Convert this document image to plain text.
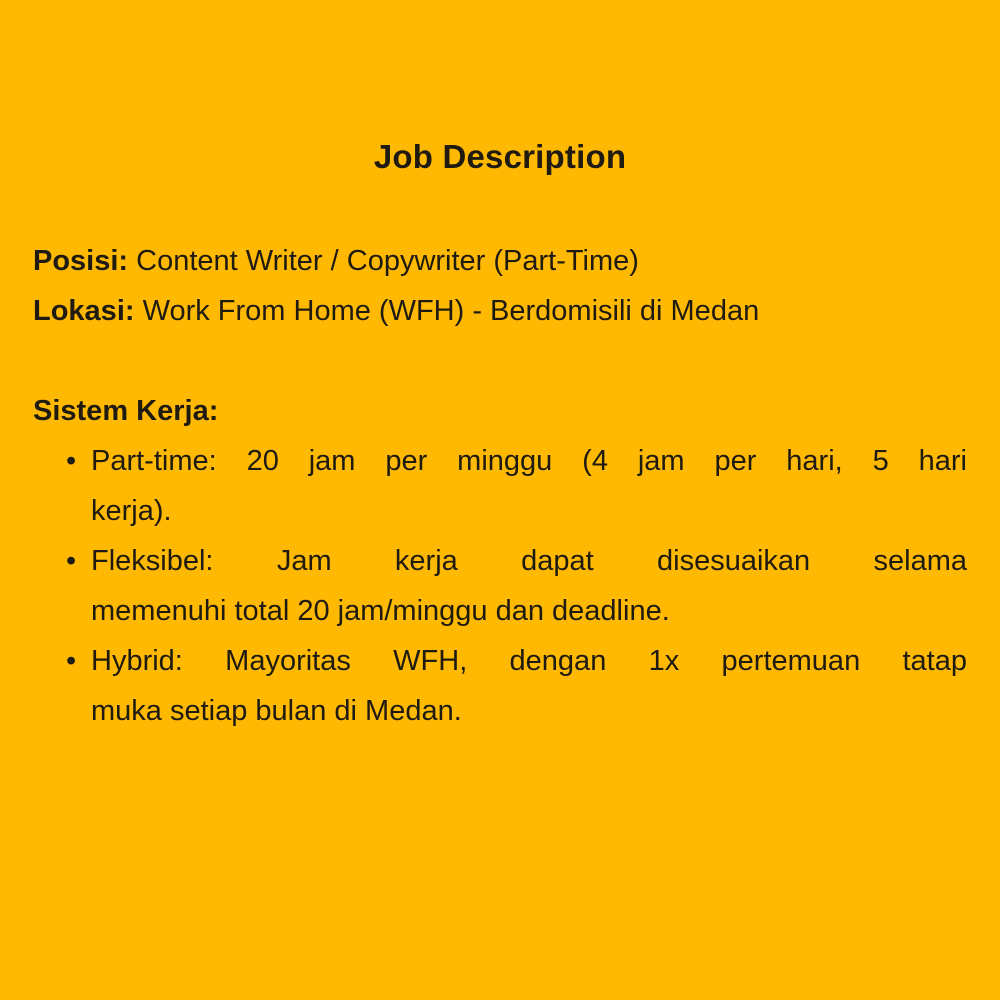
Job Description

Posisi: Content Writer / Copywriter (Part-Time)

Lokasi: Work From Home (WFH) - Berdomisili di Medan

Sistem Kerja:
• Part-time: 20 jam per minggu (4 jam per hari, 5 hari
kerja).
• Fleksibel: Jam kerja dapat disesuaikan selama
memenuhi total 20 jam/minggu dan deadline.
• Hybrid: Mayoritas WFH, dengan 1x pertemuan tatap
muka setiap bulan di Medan.
